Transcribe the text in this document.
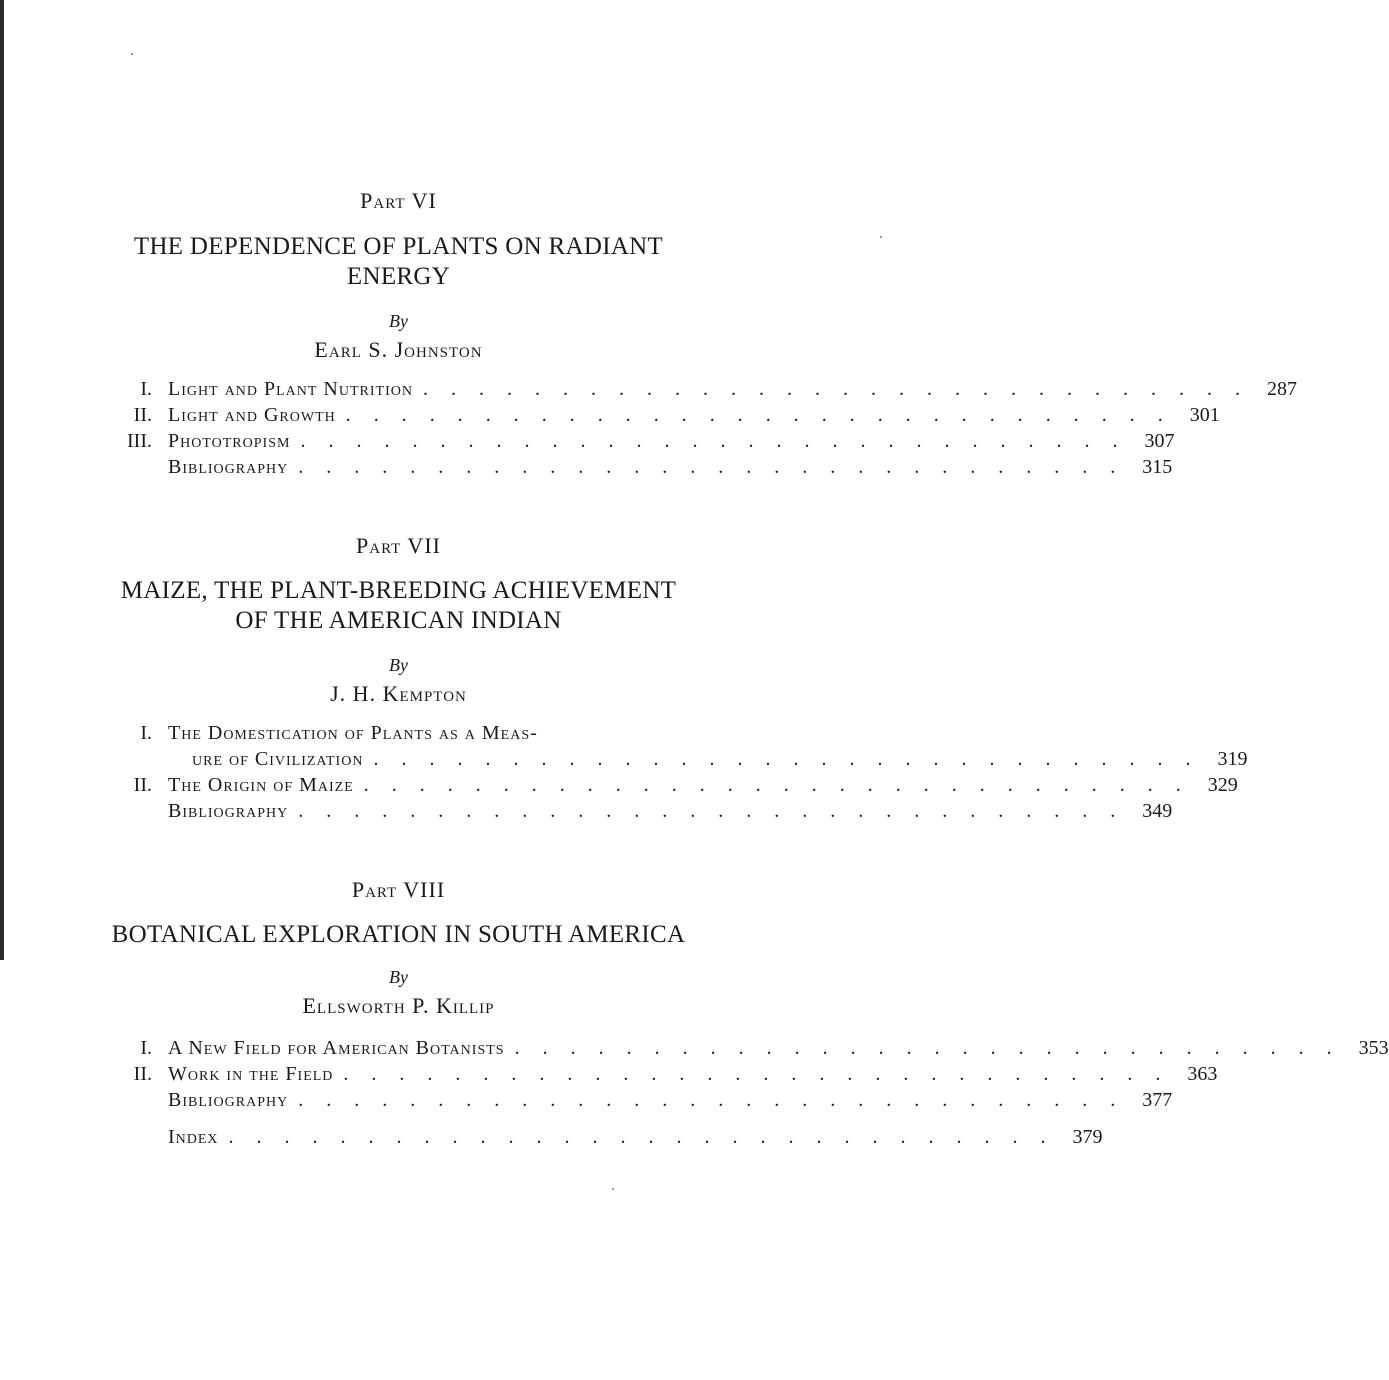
Part VI
THE DEPENDENCE OF PLANTS ON RADIANT
ENERGY
By
Earl S. Johnston
I. Light and Plant Nutrition . . . . . . . . . . . . . . . . . . . . . . . . . . . . . . 287
II. Light and Growth . . . . . . . . . . . . . . . . . . . . . . . . . . . . . . 301
III. Phototropism . . . . . . . . . . . . . . . . . . . . . . . . . . . . . . 307
Bibliography . . . . . . . . . . . . . . . . . . . . . . . . . . . . . . 315
Part VII
MAIZE, THE PLANT-BREEDING ACHIEVEMENT
OF THE AMERICAN INDIAN
By
J. H. Kempton
I. The Domestication of Plants as a Meas-
ure of Civilization . . . . . . . . . . . . . . . . . . . . . . . . . . . . . . 319
II. The Origin of Maize . . . . . . . . . . . . . . . . . . . . . . . . . . . . . . 329
Bibliography . . . . . . . . . . . . . . . . . . . . . . . . . . . . . . 349
Part VIII
BOTANICAL EXPLORATION IN SOUTH AMERICA
By
Ellsworth P. Killip
I. A New Field for American Botanists . . . . . . . . . . . . . . . . . . . . . . . . . . . . . . 353
II. Work in the Field . . . . . . . . . . . . . . . . . . . . . . . . . . . . . . 363
Bibliography . . . . . . . . . . . . . . . . . . . . . . . . . . . . . . 377
Index . . . . . . . . . . . . . . . . . . . . . . . . . . . . . . 379
